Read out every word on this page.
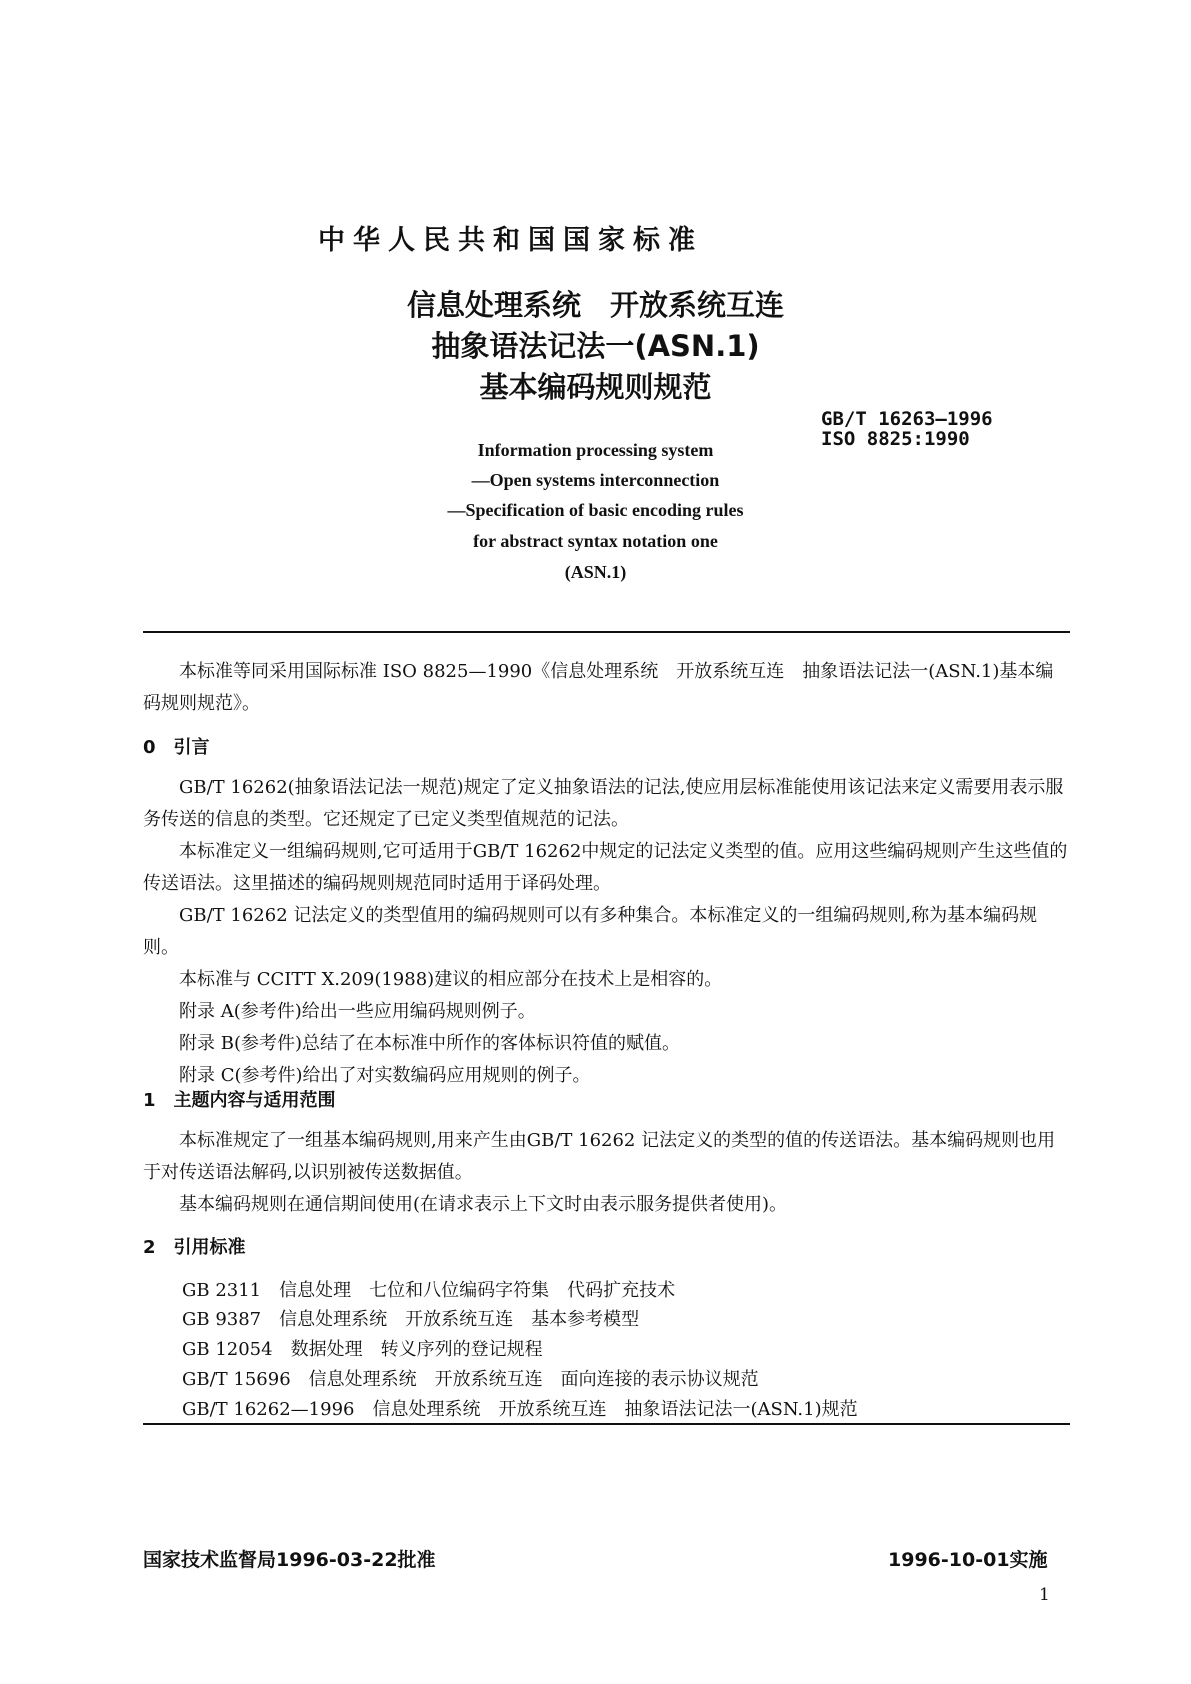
中华人民共和国国家标准
信息处理系统　开放系统互连
抽象语法记法一(ASN.1)
基本编码规则规范
GB/T 16263—1996
ISO 8825:1990
Information processing system
—Open systems interconnection
—Specification of basic encoding rules
for abstract syntax notation one
(ASN.1)

本标准等同采用国际标准 ISO 8825—1990《信息处理系统　开放系统互连　抽象语法记法一(ASN.1)基本编码规则规范》。

0　引言

GB/T 16262(抽象语法记法一规范)规定了定义抽象语法的记法,使应用层标准能使用该记法来定义需要用表示服务传送的信息的类型。它还规定了已定义类型值规范的记法。

本标准定义一组编码规则,它可适用于GB/T 16262中规定的记法定义类型的值。应用这些编码规则产生这些值的传送语法。这里描述的编码规则规范同时适用于译码处理。

GB/T 16262 记法定义的类型值用的编码规则可以有多种集合。本标准定义的一组编码规则,称为基本编码规则。

本标准与 CCITT X.209(1988)建议的相应部分在技术上是相容的。

附录 A(参考件)给出一些应用编码规则例子。

附录 B(参考件)总结了在本标准中所作的客体标识符值的赋值。

附录 C(参考件)给出了对实数编码应用规则的例子。

1　主题内容与适用范围

本标准规定了一组基本编码规则,用来产生由GB/T 16262 记法定义的类型的值的传送语法。基本编码规则也用于对传送语法解码,以识别被传送数据值。

基本编码规则在通信期间使用(在请求表示上下文时由表示服务提供者使用)。

2　引用标准
GB 2311　信息处理　七位和八位编码字符集　代码扩充技术
GB 9387　信息处理系统　开放系统互连　基本参考模型
GB 12054　数据处理　转义序列的登记规程
GB/T 15696　信息处理系统　开放系统互连　面向连接的表示协议规范
GB/T 16262—1996　信息处理系统　开放系统互连　抽象语法记法一(ASN.1)规范
国家技术监督局1996-03-22批准	1996-10-01实施
1
